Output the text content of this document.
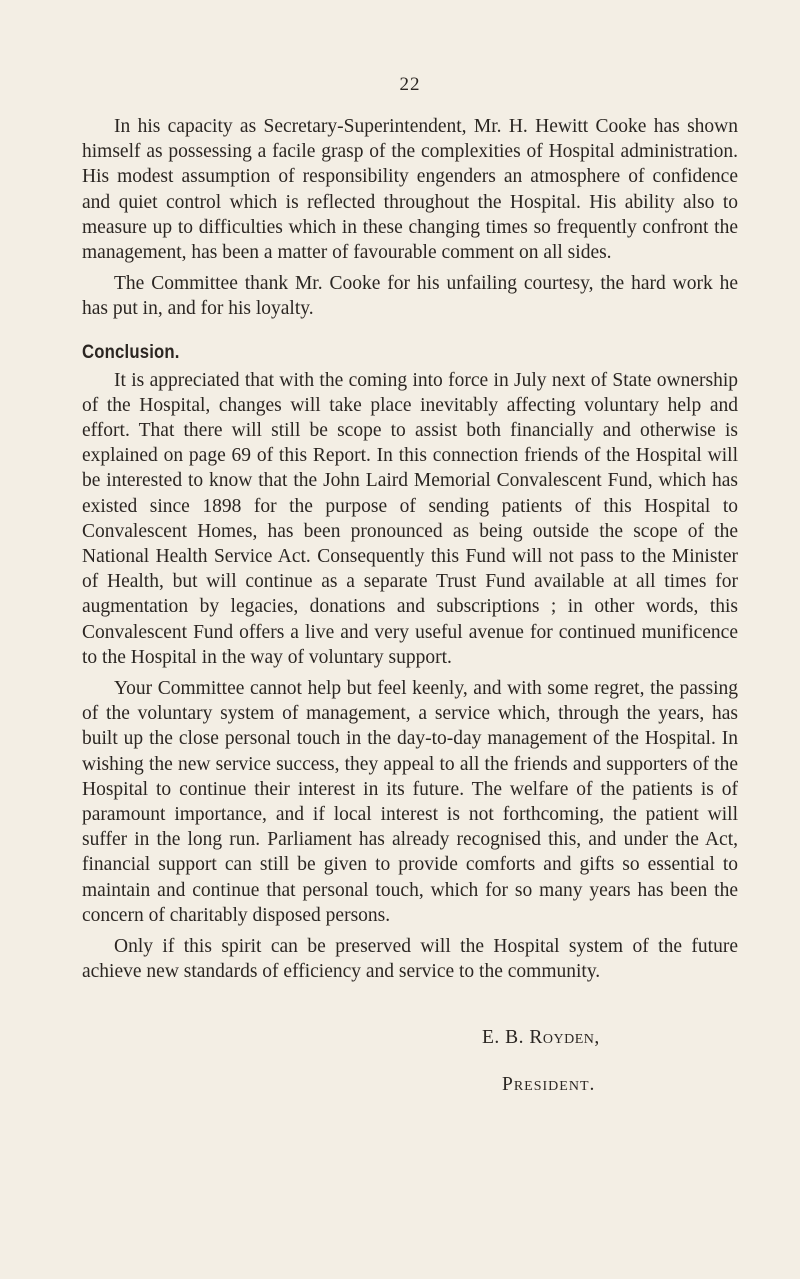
22

In his capacity as Secretary-Superintendent, Mr. H. Hewitt Cooke has shown himself as possessing a facile grasp of the complexities of Hospital administration. His modest assumption of responsibility engenders an atmosphere of confidence and quiet control which is reflected throughout the Hospital. His ability also to measure up to difficulties which in these changing times so frequently confront the management, has been a matter of favourable comment on all sides.

The Committee thank Mr. Cooke for his unfailing courtesy, the hard work he has put in, and for his loyalty.

Conclusion.

It is appreciated that with the coming into force in July next of State ownership of the Hospital, changes will take place inevitably affecting voluntary help and effort. That there will still be scope to assist both financially and otherwise is explained on page 69 of this Report. In this connection friends of the Hospital will be interested to know that the John Laird Memorial Convalescent Fund, which has existed since 1898 for the purpose of sending patients of this Hospital to Convalescent Homes, has been pronounced as being outside the scope of the National Health Service Act. Consequently this Fund will not pass to the Minister of Health, but will continue as a separate Trust Fund available at all times for augmentation by legacies, donations and subscriptions ; in other words, this Convalescent Fund offers a live and very useful avenue for continued munificence to the Hospital in the way of voluntary support.

Your Committee cannot help but feel keenly, and with some regret, the passing of the voluntary system of management, a service which, through the years, has built up the close personal touch in the day-to-day management of the Hospital. In wishing the new service success, they appeal to all the friends and supporters of the Hospital to continue their interest in its future. The welfare of the patients is of paramount importance, and if local interest is not forthcoming, the patient will suffer in the long run. Parliament has already recognised this, and under the Act, financial support can still be given to provide comforts and gifts so essential to maintain and continue that personal touch, which for so many years has been the concern of charitably disposed persons.

Only if this spirit can be preserved will the Hospital system of the future achieve new standards of efficiency and service to the community.

E. B. Royden,
President.
